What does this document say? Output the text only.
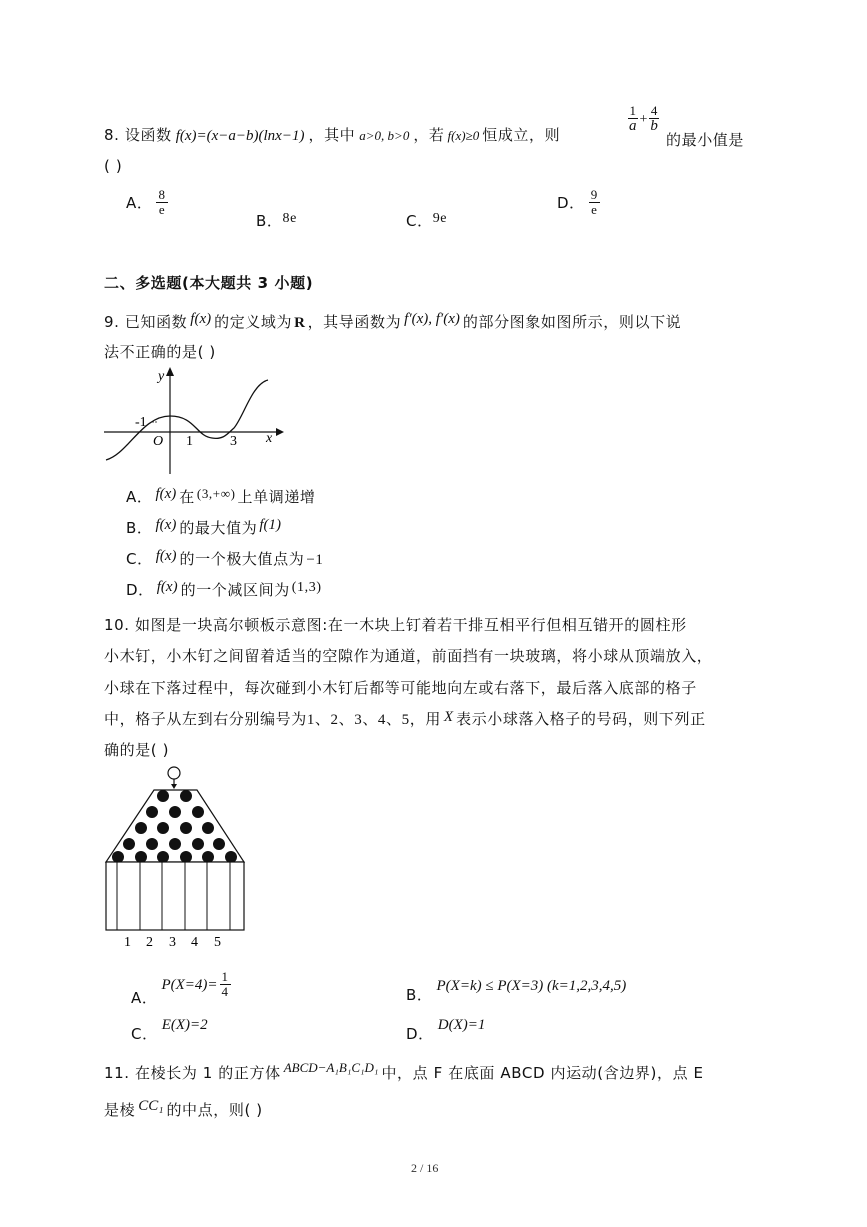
8. 设函数 f(x)=(x−a−b)(lnx−1) ，其中 a>0, b>0 ，若 f(x)≥0 恒成立，则
$\frac{1}{a} + \frac{4}{b}$
的最小值是
( )
A． $\frac{8}{e}$
B．8e	C．9e
D． $\frac{9}{e}$
二、多选题(本大题共 3 小题)
9. 已知函数 f(x) 的定义域为 R ，其导函数为 f′(x), f′(x) 的部分图象如图所示，则以下说
法不正确的是( )
y
x
-1
O 1	3
A． f(x) 在 (3,+∞) 上单调递增
B． f(x) 的最大值为 f(1)
C． f(x) 的一个极大值点为 −1
D． f(x) 的一个减区间为 (1,3)
10. 如图是一块高尔顿板示意图:在一木块上钉着若干排互相平行但相互错开的圆柱形
小木钉，小木钉之间留着适当的空隙作为通道，前面挡有一块玻璃，将小球从顶端放入，
小球在下落过程中，每次碰到小木钉后都等可能地向左或右落下，最后落入底部的格子
中，格子从左到右分别编号为1、2、3、4、5，用 X 表示小球落入格子的号码，则下列正
确的是( )
1 2 3 4 5
A．$P(X=4)= \frac{1}{4}$	B． P(X=k) ≤ P(X=3) (k=1,2,3,4,5)
C． E(X)=2	D． D(X)=1
11. 在棱长为 1 的正方体 ABCD−A₁B₁C₁D₁ 中，点 F 在底面 ABCD 内运动(含边界)，点 E
是棱 CC₁ 的中点，则( )
2 / 16
